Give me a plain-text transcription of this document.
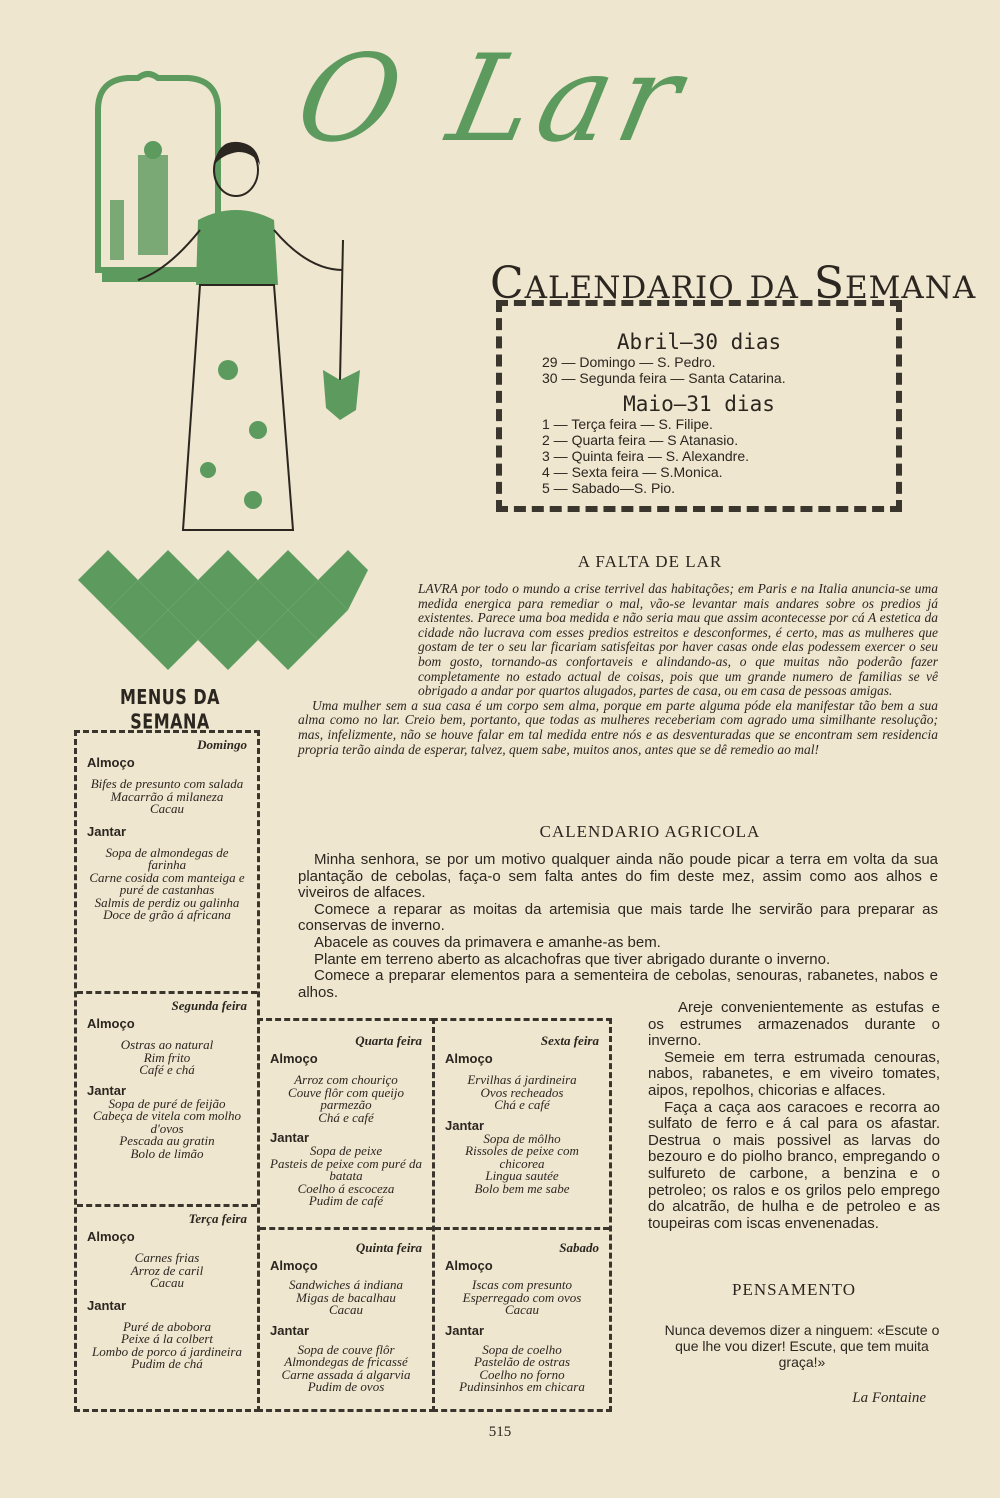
O Lar
Calendario da Semana

Abril—30 dias

29 — Domingo — S. Pedro.

30 — Segunda feira — Santa Catarina.

Maio—31 dias

1 — Terça feira — S. Filipe.

2 — Quarta feira — S Atanasio.

3 — Quinta feira — S. Alexandre.

4 — Sexta feira — S.Monica.

5 — Sabado—S. Pio.

A FALTA DE LAR

LAVRA por todo o mundo a crise terrivel das habitações; em Paris e na Italia anuncia-se uma medida energica para remediar o mal, vão-se levantar mais andares sobre os predios já existentes. Parece uma boa medida e não seria mau que assim acontecesse por cá A estetica da cidade não lucrava com esses predios estreitos e desconformes, é certo, mas as mulheres que gostam de ter o seu lar ficariam satisfeitas por haver casas onde elas podessem exercer o seu bom gosto, tornando-as confortaveis e alindando-as, o que muitas não poderão fazer completamente no estado actual de coisas, pois que um grande numero de familias se vê obrigado a andar por quartos alugados, partes de casa, ou em casa de pessoas amigas.

Uma mulher sem a sua casa é um corpo sem alma, porque em parte alguma póde ela manifestar tão bem a sua alma como no lar. Creio bem, portanto, que todas as mulheres receberiam com agrado uma similhante resolução; mas, infelizmente, não se houve falar em tal medida entre nós e as desventuradas que se encontram sem residencia propria terão ainda de esperar, talvez, quem sabe, muitos anos, antes que se dê remedio ao mal!

CALENDARIO AGRICOLA

Minha senhora, se por um motivo qualquer ainda não poude picar a terra em volta da sua plantação de cebolas, faça-o sem falta antes do fim deste mez, assim como aos alhos e viveiros de alfaces.

Comece a reparar as moitas da artemisia que mais tarde lhe servirão para preparar as conservas de inverno.

Abacele as couves da primavera e amanhe-as bem.

Plante em terreno aberto as alcachofras que tiver abrigado durante o inverno.

Comece a preparar elementos para a sementeira de cebolas, senouras, rabanetes, nabos e alhos.

Areje convenientemente as estufas e os estrumes armazenados durante o inverno.

Semeie em terra estrumada cenouras, nabos, rabanetes, e em viveiro tomates, aipos, repolhos, chicorias e alfaces.

Faça a caça aos caracoes e recorra ao sulfato de ferro e á cal para os afastar. Destrua o mais possivel as larvas do bezouro e do piolho branco, empregando o sulfureto de carbone, a benzina e o petroleo; os ralos e os grilos pelo emprego do alcatrão, de hulha e de petroleo e as toupeiras com iscas envenenadas.

PENSAMENTO
Nunca devemos dizer a ninguem: «Escute o que lhe vou dizer! Escute, que tem muita graça!»
La Fontaine
MENUS DA SEMANA
Domingo
Almoço

Bifes de presunto com salada

Macarrão á milaneza

Cacau

Jantar

Sopa de almondegas de farinha

Carne cosida com manteiga e puré de castanhas

Salmis de perdiz ou galinha

Doce de grão á africana

Segunda feira
Almoço

Ostras ao natural

Rim frito

Café e chá

Jantar

Sopa de puré de feijão

Cabeça de vitela com molho d'ovos

Pescada au gratin

Bolo de limão

Terça feira
Almoço

Carnes frias

Arroz de caril

Cacau

Jantar

Puré de abobora

Peixe á la colbert

Lombo de porco á jardineira

Pudim de chá

Quarta feira
Almoço

Arroz com chouriço

Couve flôr com queijo parmezão

Chá e café

Jantar

Sopa de peixe

Pasteis de peixe com puré da batata

Coelho á escoceza

Pudim de café

Quinta feira
Almoço

Sandwiches á indiana

Migas de bacalhau

Cacau

Jantar

Sopa de couve flôr

Almondegas de fricassé

Carne assada á algarvia

Pudim de ovos

Sexta feira
Almoço

Ervilhas á jardineira

Ovos recheados

Chá e café

Jantar

Sopa de môlho

Rissoles de peixe com chicorea

Lingua sautée

Bolo bem me sabe

Sabado
Almoço

Iscas com presunto

Esperregado com ovos

Cacau

Jantar

Sopa de coelho

Pastelão de ostras

Coelho no forno

Pudinsinhos em chicara

515
